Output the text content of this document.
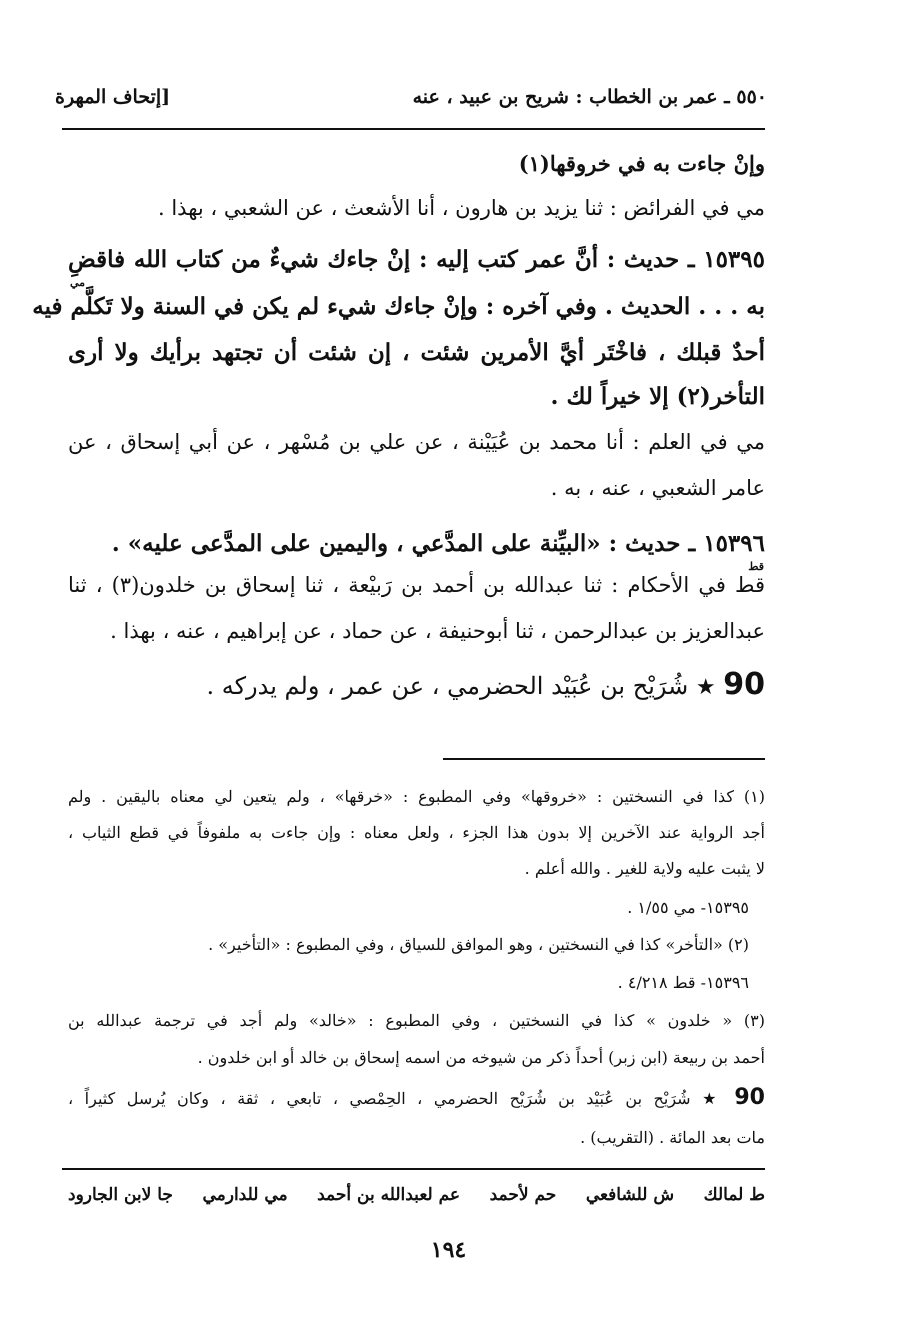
٥٥٠ ـ عمر بن الخطاب : شريح بن عبيد ، عنه
[إتحاف المهرة
وإنْ جاءت به في خروقها(١)
مي في الفرائض : ثنا يزيد بن هارون ، أنا الأشعث ، عن الشعبي ، بهذا .
١٥٣٩٥ ـ حديث : أنَّ عمر كتب إليه : إنْ جاءك شيءٌ من كتاب الله فاقضِ
مي
به . . . الحديث . وفي آخره : وإنْ جاءك شيء لم يكن في السنة ولا تَكلَّم فيه
أحدٌ قبلك ، فاخْتَر أيَّ الأمرين شئت ، إن شئت أن تجتهد برأيك ولا أرى
التأخر(٢) إلا خيراً لك .
مي في العلم : أنا محمد بن عُيَيْنة ، عن علي بن مُسْهر ، عن أبي إسحاق ، عن
عامر الشعبي ، عنه ، به .
١٥٣٩٦ ـ حديث : «البيِّنة على المدَّعي ، واليمين على المدَّعى عليه» .
قط
قط في الأحكام : ثنا عبدالله بن أحمد بن رَبيْعة ، ثنا إسحاق بن خلدون(٣) ، ثنا
عبدالعزيز بن عبدالرحمن ، ثنا أبوحنيفة ، عن حماد ، عن إبراهيم ، عنه ، بهذا .
90 ★ شُرَيْح بن عُبَيْد الحضرمي ، عن عمر ، ولم يدركه .
(١) كذا في النسختين : «خروقها» وفي المطبوع : «خرقها» ، ولم يتعين لي معناه باليقين . ولم
أجد الرواية عند الآخرين إلا بدون هذا الجزء ، ولعل معناه : وإن جاءت به ملفوفاً في قطع الثياب ،
لا يثبت عليه ولاية للغير . والله أعلم .
١٥٣٩٥- مي ١/٥٥ .
(٢) «التأخر» كذا في النسختين ، وهو الموافق للسياق ، وفي المطبوع : «التأخير» .
١٥٣٩٦- قط ٤/٢١٨ .
(٣) « خلدون » كذا في النسختين ، وفي المطبوع : «خالد» ولم أجد في ترجمة عبدالله بن
أحمد بن ربيعة (ابن زبر) أحداً ذكر من شيوخه من اسمه إسحاق بن خالد أو ابن خلدون .
90 ★ شُرَيْح بن عُبَيْد بن شُرَيْح الحضرمي ، الحِمْصي ، تابعي ، ثقة ، وكان يُرسل كثيراً ،
مات بعد المائة . (التقريب) .
ط لمالك
ش للشافعي
حم لأحمد
عم لعبدالله بن أحمد
مي للدارمي
جا لابن الجارود
١٩٤
